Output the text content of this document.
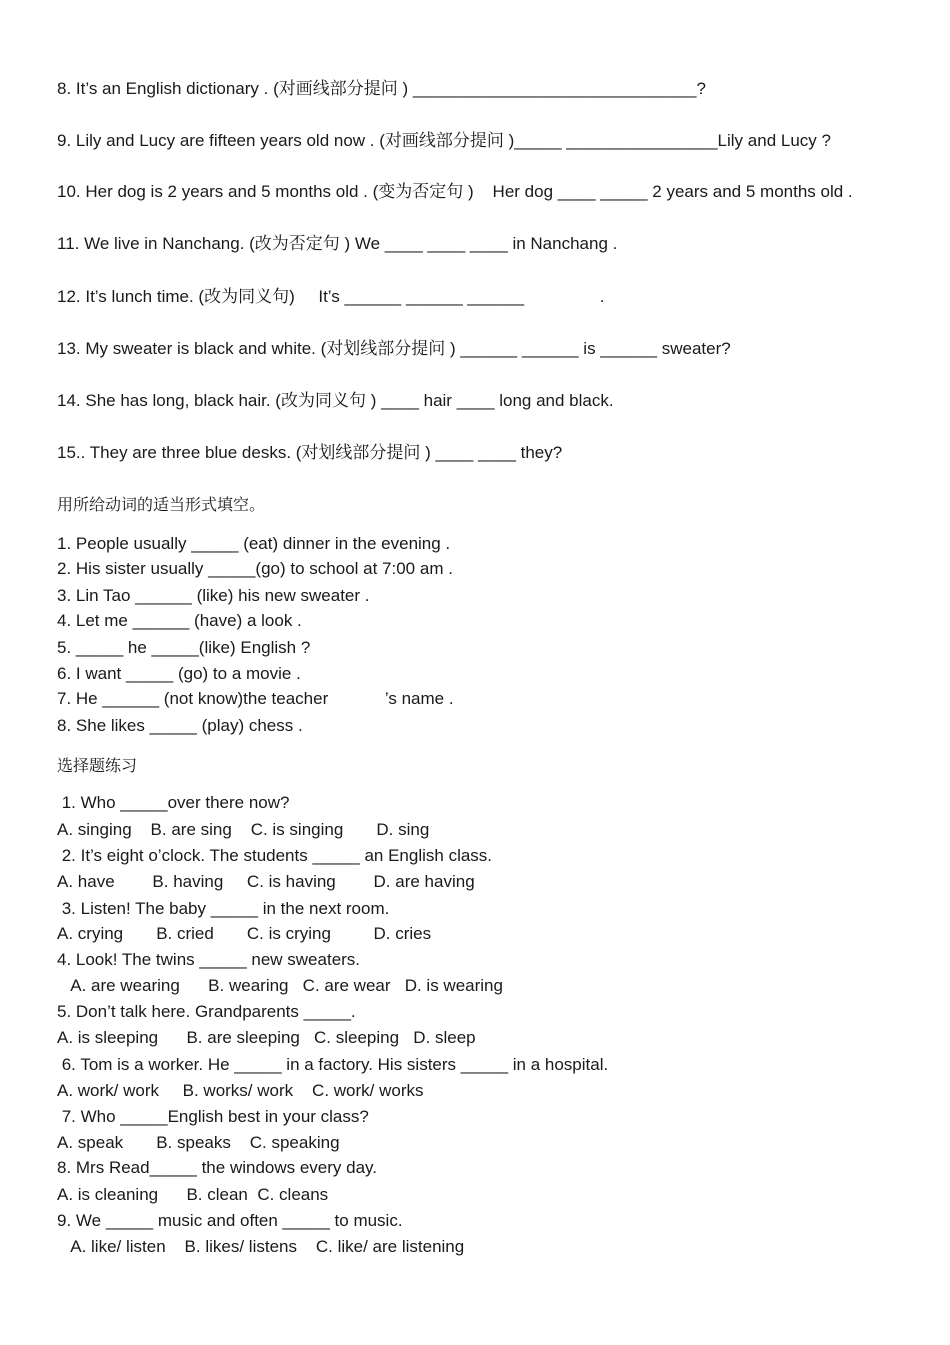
8. It’s an English dictionary . (对画线部分提问 ) ______________________________?
9. Lily and Lucy are fifteen years old now . (对画线部分提问 )_____ ________________Lily and Lucy ?
10. Her dog is 2 years and 5 months old . (变为否定句 )    Her dog ____ _____ 2 years and 5 months old .
11. We live in Nanchang. (改为否定句 ) We ____ ____ ____ in Nanchang .
12. It’s lunch time. (改为同义句)     It’s ______ ______ ______                .
13. My sweater is black and white. (对划线部分提问 ) ______ ______ is ______ sweater?
14. She has long, black hair. (改为同义句 ) ____ hair ____ long and black.
15.. They are three blue desks. (对划线部分提问 ) ____ ____ they?
用所给动词的适当形式填空。
1. People usually _____ (eat) dinner in the evening .
2. His sister usually _____(go) to school at 7:00 am .
3. Lin Tao ______ (like) his new sweater .
4. Let me ______ (have) a look .
5. _____ he _____(like) English ?
6. I want _____ (go) to a movie .
7. He ______ (not know)the teacher            ’s name .
8. She likes _____ (play) chess .
选择题练习
1. Who _____over there now?
A. singing    B. are sing    C. is singing       D. sing
2. It’s eight o’clock. The students _____ an English class.
A. have        B. having     C. is having        D. are having
3. Listen! The baby _____ in the next room.
A. crying       B. cried       C. is crying         D. cries
4. Look! The twins _____ new sweaters.
A. are wearing      B. wearing   C. are wear   D. is wearing
5. Don’t talk here. Grandparents _____.
A. is sleeping      B. are sleeping   C. sleeping   D. sleep
6. Tom is a worker. He _____ in a factory. His sisters _____ in a hospital.
A. work/ work     B. works/ work    C. work/ works
7. Who _____English best in your class?
A. speak       B. speaks    C. speaking
8. Mrs Read_____ the windows every day.
A. is cleaning      B. clean  C. cleans
9. We _____ music and often _____ to music.
A. like/ listen    B. likes/ listens    C. like/ are listening
